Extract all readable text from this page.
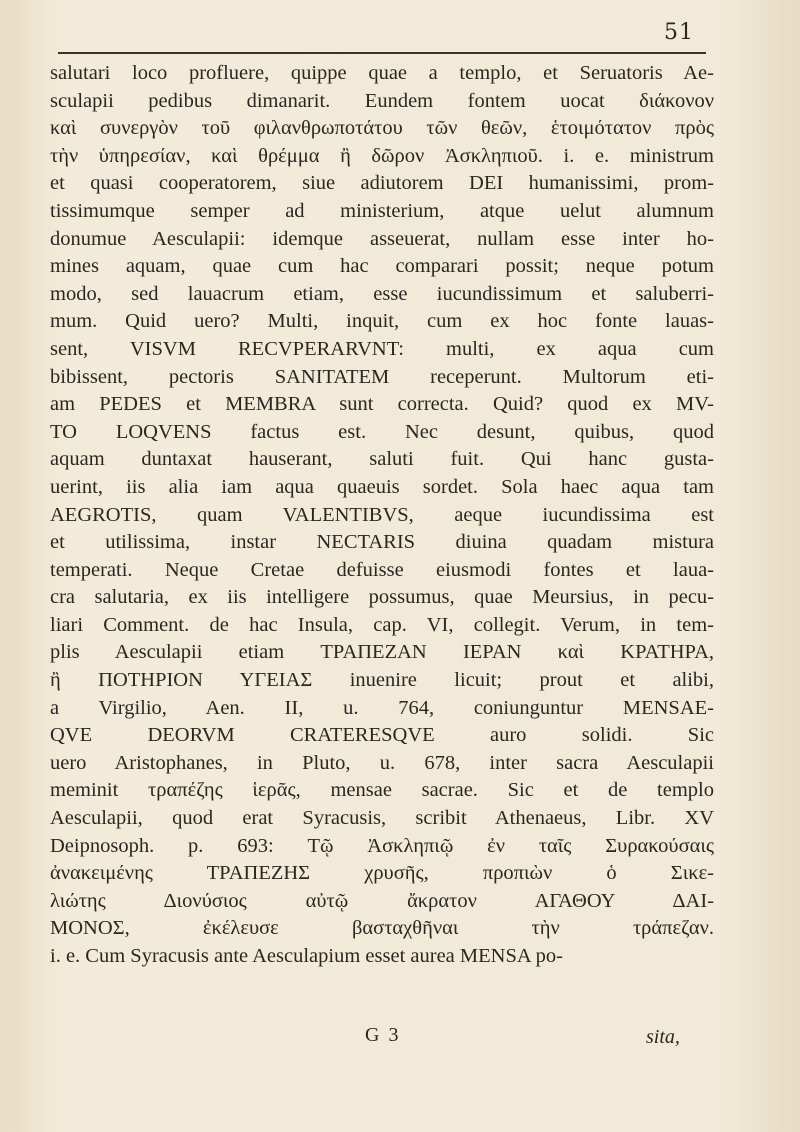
51
salutari loco profluere, quippe quae a templo, et Seruatoris Ae-
sculapii pedibus dimanarit. Eundem fontem uocat διάκονον
καὶ συνεργὸν τοῦ φιλανθρωποτάτου τῶν θεῶν, ἑτοιμότατον πρὸς
τὴν ὑπηρεσίαν, καὶ θρέμμα ἢ δῶρον Ἀσκληπιοῦ. i. e. ministrum
et quasi cooperatorem, siue adiutorem DEI humanissimi, prom-
tissimumque semper ad ministerium, atque uelut alumnum
donumue Aesculapii: idemque asseuerat, nullam esse inter ho-
mines aquam, quae cum hac comparari possit; neque potum
modo, sed lauacrum etiam, esse iucundissimum et saluberri-
mum. Quid uero? Multi, inquit, cum ex hoc fonte lauas-
sent, VISVM RECVPERARVNT: multi, ex aqua cum
bibissent, pectoris SANITATEM receperunt. Multorum eti-
am PEDES et MEMBRA sunt correcta. Quid? quod ex MV-
TO LOQVENS factus est. Nec desunt, quibus, quod
aquam duntaxat hauserant, saluti fuit. Qui hanc gusta-
uerint, iis alia iam aqua quaeuis sordet. Sola haec aqua tam
AEGROTIS, quam VALENTIBVS, aeque iucundissima est
et utilissima, instar NECTARIS diuina quadam mistura
temperati. Neque Cretae defuisse eiusmodi fontes et laua-
cra salutaria, ex iis intelligere possumus, quae Meursius, in pecu-
liari Comment. de hac Insula, cap. VI, collegit. Verum, in tem-
plis Aesculapii etiam ΤΡΑΠΕΖΑΝ ΙΕΡΑΝ καὶ ΚΡΑΤΗΡΑ,
ἢ ΠΟΤΗΡΙΟΝ ΥΓΕΙΑΣ inuenire licuit; prout et alibi,
a Virgilio, Aen. II, u. 764, coniunguntur MENSAE-
QVE DEORVM CRATERESQVE auro solidi. Sic
uero Aristophanes, in Pluto, u. 678, inter sacra Aesculapii
meminit τραπέζης ἱερᾶς, mensae sacrae. Sic et de templo
Aesculapii, quod erat Syracusis, scribit Athenaeus, Libr. XV
Deipnosoph. p. 693: Τῷ Ἀσκληπιῷ ἐν ταῖς Συρακούσαις
ἀνακειμένης ΤΡΑΠΕΖΗΣ χρυσῆς, προπιὼν ὁ Σικε-
λιώτης Διονύσιος αὐτῷ ἄκρατον ΑΓΑΘΟΥ ΔΑΙ-
ΜΟΝΟΣ, ἐκέλευσε βασταχθῆναι τὴν τράπεζαν.
i. e. Cum Syracusis ante Aesculapium esset aurea MENSA po-
G 3	sita,
